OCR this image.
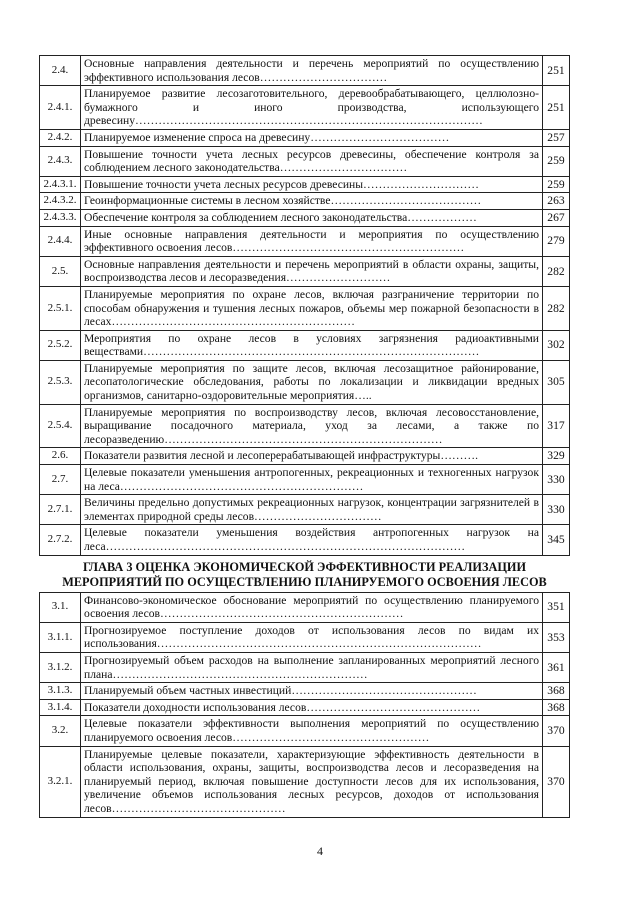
2.4.	Основные направления деятельности и перечень мероприятий по осуществлению эффективного использования лесов……………………………	251
2.4.1.	Планируемое развитие лесозаготовительного, деревообрабатывающего, целлюлозно-бумажного и иного производства, использующего древесину………………………………………………………………………………	251
2.4.2.	Планируемое изменение спроса на древесину………………………………	257
2.4.3.	Повышение точности учета лесных ресурсов древесины, обеспечение контроля за соблюдением лесного законодательства……………………………	259
2.4.3.1.	Повышение точности учета лесных ресурсов древесины…………………………	259
2.4.3.2.	Геоинформационные системы в лесном хозяйстве…………………………………	263
2.4.3.3.	Обеспечение контроля за соблюдением лесного законодательства………………	267
2.4.4.	Иные основные направления деятельности и мероприятия по осуществлению эффективного освоения лесов……………………………………………………	279
2.5.	Основные направления деятельности и перечень мероприятий в области охраны, защиты, воспроизводства лесов и лесоразведения………………………	282
2.5.1.	Планируемые мероприятия по охране лесов, включая разграничение территории по способам обнаружения и тушения лесных пожаров, объемы мер пожарной безопасности в лесах………………………………………………………	282
2.5.2.	Мероприятия по охране лесов в условиях загрязнения радиоактивными веществами……………………………………………………………………………	302
2.5.3.	Планируемые мероприятия по защите лесов, включая лесозащитное районирование, лесопатологические обследования, работы по локализации и ликвидации вредных организмов, санитарно-оздоровительные мероприятия…..	305
2.5.4.	Планируемые мероприятия по воспроизводству лесов, включая лесовосстановление, выращивание посадочного материала, уход за лесами, а также по лесоразведению………………………………………………………………	317
2.6.	Показатели развития лесной и лесоперерабатывающей инфраструктуры……….	329
2.7.	Целевые показатели уменьшения антропогенных, рекреационных и техногенных нагрузок на леса………………………………………………………	330
2.7.1.	Величины предельно допустимых рекреационных нагрузок, концентрации загрязнителей в элементах природной среды лесов……………………………	330
2.7.2.	Целевые показатели уменьшения воздействия антропогенных нагрузок на леса…………………………………………………………………………………	345
ГЛАВА 3 ОЦЕНКА ЭКОНОМИЧЕСКОЙ ЭФФЕКТИВНОСТИ РЕАЛИЗАЦИИ МЕРОПРИЯТИЙ ПО ОСУЩЕСТВЛЕНИЮ ПЛАНИРУЕМОГО ОСВОЕНИЯ ЛЕСОВ		
3.1.	Финансово-экономическое обоснование мероприятий по осуществлению планируемого освоения лесов………………………………………………………	351
3.1.1.	Прогнозируемое поступление доходов от использования лесов по видам их использования…………………………………………………………………………	353
3.1.2.	Прогнозируемый объем расходов на выполнение запланированных мероприятий лесного плана…………………………………………………………	361
3.1.3.	Планируемый объем частных инвестиций…………………………………………	368
3.1.4.	Показатели доходности использования лесов………………………………………	368
3.2.	Целевые показатели эффективности выполнения мероприятий по осуществлению планируемого освоения лесов……………………………………………	370
3.2.1.	Планируемые целевые показатели, характеризующие эффективность деятельности в области использования, охраны, защиты, воспроизводства лесов и лесоразведения на планируемый период, включая повышение доступности лесов для их использования, увеличение объемов использования лесных ресурсов, доходов от использования лесов………………………………………	370
4
